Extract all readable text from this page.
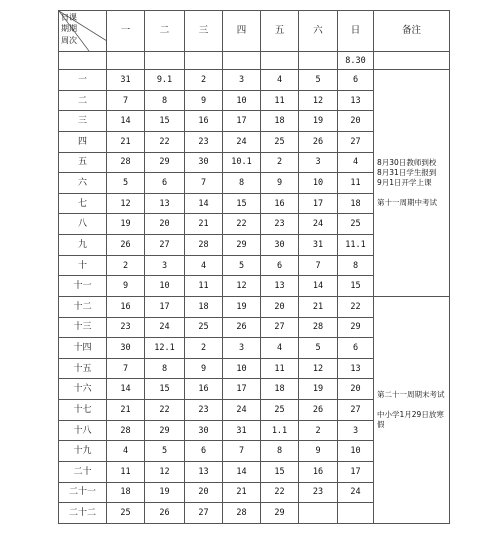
日课
期期
周次	一	二	三	四	五	六	日	备注
							8.30	
一	31	9.1	2	3	4	5	6	8月30日教师到校
8月31日学生报到
9月1日开学上课

第十一周期中考试

二	7	8	9	10	11	12	13	
三	14	15	16	17	18	19	20	
四	21	22	23	24	25	26	27	
五	28	29	30	10.1	2	3	4	
六	5	6	7	8	9	10	11	
七	12	13	14	15	16	17	18	
八	19	20	21	22	23	24	25	
九	26	27	28	29	30	31	11.1	
十	2	3	4	5	6	7	8	
十一	9	10	11	12	13	14	15	
十二	16	17	18	19	20	21	22	第二十一周期末考试

中小学1月29日放寒假

十三	23	24	25	26	27	28	29	
十四	30	12.1	2	3	4	5	6	
十五	7	8	9	10	11	12	13	
十六	14	15	16	17	18	19	20	
十七	21	22	23	24	25	26	27	
十八	28	29	30	31	1.1	2	3	
十九	4	5	6	7	8	9	10	
二十	11	12	13	14	15	16	17	
二十一	18	19	20	21	22	23	24	
二十二	25	26	27	28	29			
